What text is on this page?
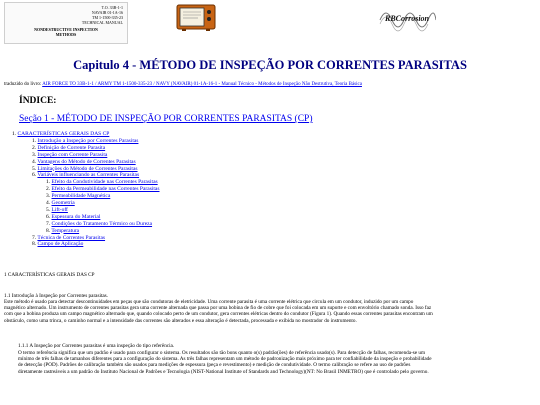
T.O. 33B-1-1
NAVAIR 01-1A-16
TM 1-1500-335-23
TECHNICAL MANUAL
NONDESTRUCTIVE INSPECTION
METHODS
RBCorrosion
Capitulo 4 - MÉTODO DE INSPEÇÃO POR CORRENTES PARASITAS
traduzido do livro: AIR FORCE TO 33B-1-1 / ARMY TM 1-1500-335-23 / NAVY (NAVAIR) 01-1A-16-1 - Manual Técnico - Métodos de Inspeção Não Destrutiva, Teoria Básica
ÍNDICE:
Seção 1 - MÉTODO DE INSPEÇÃO POR CORRENTES PARASITAS (CP)
1. CARACTERÍSTICAS GERAIS DAS CP
1. Introdução a Inspeção por Correntes Parasitas
2. Definição de Corrente Parasita
3. Inspeção com Corrente Parasita
4. Vantagens do Método de Correntes Parasitas
5. Limitações do Método de Correntes Parasitas
6. Variáveis influenciando as Correntes Parasitas
1. Efeito da Condutividade nas Correntes Parasitas
2. Efeito da Permeabilidade nas Correntes Parasitas
3. Permeabilidade Magnética
4. Geometria
5. Lift-off
6. Espessura do Material
7. Condições do Tratamento Térmico ou Dureza
8. Temperatura
7. Técnica de Correntes Parasitas
8. Campo de Aplicação
1 CARACTERÍSTICAS GERAIS DAS CP
1.1 Introdução à Inspeção por Correntes parasitas.
Este método é usado para detectar descontinuidades em peças que são condutoras de eletricidade. Uma corrente parasita é uma corrente elétrica que circula em um condutor, induzido por um campo magnético alternado. Um instrumento de correntes parasitas gera uma corrente alternada que passa por uma bobina de fio de cobre que foi colocada em um suporte e com envoltório chamado sonda. Isso faz com que a bobina produza um campo magnético alternado que, quando colocado perto de um condutor, gera correntes elétricas dentro do condutor (Figura 1). Quando essas correntes parasitas encontram um obstáculo, como uma trinca, o caminho normal e a intensidade das correntes são alterados e essa alteração é detectada, processada e exibida no mostrador do instrumento.
1.1.1 A Inspeção por Correntes parasitas é uma inspeção do tipo referência.
O termo referência significa que um padrão é usado para configurar o sistema. Os resultados são tão bons quanto o(s) padrão(ões) de referência usado(s). Para detecção de falhas, recomenda-se um mínimo de três falhas de tamanhos diferentes para a configuração do sistema. As três falhas representam um método de padronização mais próximo para ter confiabilidade da inspeção e probabilidade de detecção (POD). Padrões de calibração também são usados para medições de espessura (peça e revestimento) e medição de condutividade. O termo calibração se refere ao uso de padrões diretamente rastreáveis a um padrão do Instituto Nacional de Padrões e Tecnologia (NIST-National Institute of Standards and Technology)(NT: No Brasil INMETRO) que é controlado pelo governo.
